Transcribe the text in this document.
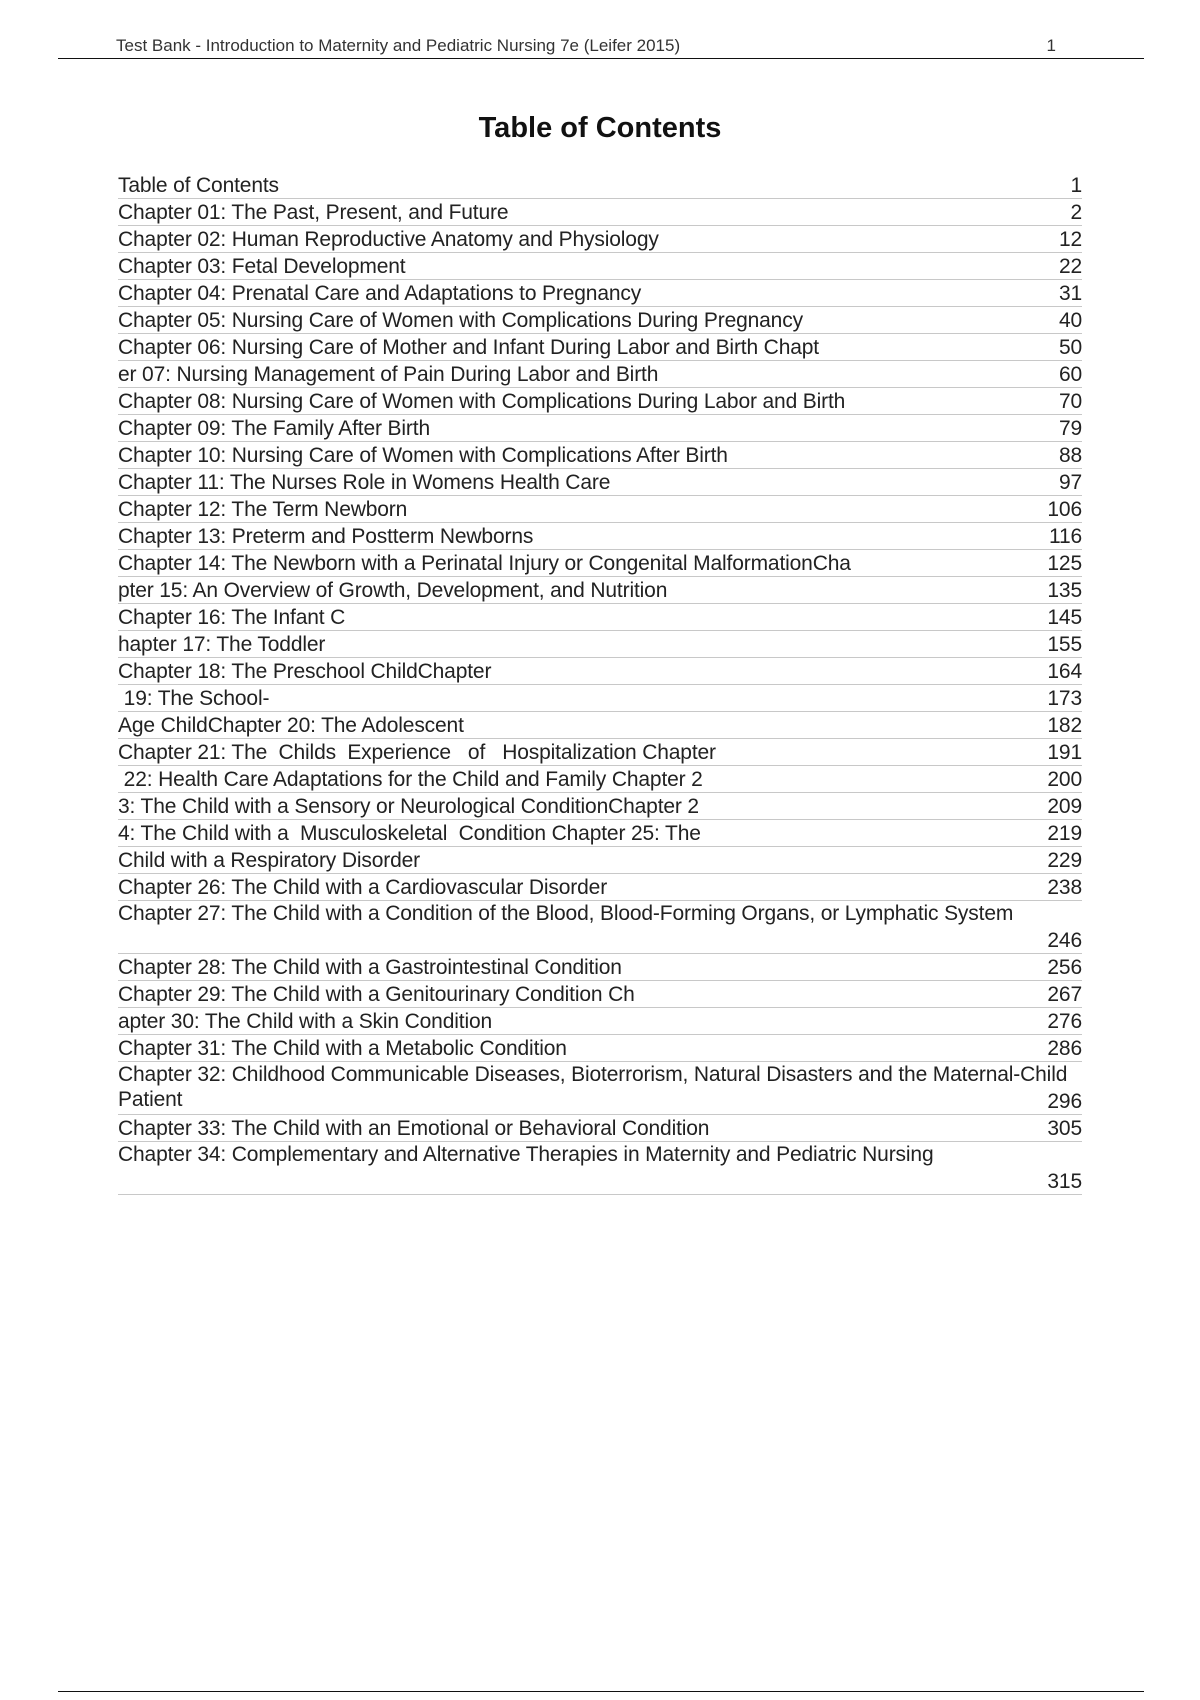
Test Bank - Introduction to Maternity and Pediatric Nursing 7e (Leifer 2015)	1
Table of Contents
Table of Contents	1
Chapter 01: The Past, Present, and Future	2
Chapter 02: Human Reproductive Anatomy and Physiology	12
Chapter 03: Fetal Development	22
Chapter 04: Prenatal Care and Adaptations to Pregnancy	31
Chapter 05: Nursing Care of Women with Complications During Pregnancy	40
Chapter 06: Nursing Care of Mother and Infant During Labor and Birth Chapt	50
er 07: Nursing Management of Pain During Labor and Birth	60
Chapter 08: Nursing Care of Women with Complications During Labor and Birth	70
Chapter 09: The Family After Birth	79
Chapter 10: Nursing Care of Women with Complications After Birth	88
Chapter 11: The Nurses Role in Womens Health Care	97
Chapter 12: The Term Newborn	106
Chapter 13: Preterm and Postterm Newborns	116
Chapter 14: The Newborn with a Perinatal Injury or Congenital MalformationCha	125
pter 15: An Overview of Growth, Development, and Nutrition	135
Chapter 16: The Infant C	145
hapter 17: The Toddler	155
Chapter 18: The Preschool ChildChapter	164
19: The School-	173
Age ChildChapter 20: The Adolescent	182
Chapter 21: The  Childs  Experience   of   Hospitalization Chapter	191
22: Health Care Adaptations for the Child and Family Chapter 2	200
3: The Child with a Sensory or Neurological ConditionChapter 2	209
4: The Child with a  Musculoskeletal  Condition Chapter 25: The	219
Child with a Respiratory Disorder	229
Chapter 26: The Child with a Cardiovascular Disorder	238
Chapter 27: The Child with a Condition of the Blood, Blood-Forming Organs, or Lymphatic System
246
Chapter 28: The Child with a Gastrointestinal Condition	256
Chapter 29: The Child with a Genitourinary Condition Ch	267
apter 30: The Child with a Skin Condition	276
Chapter 31: The Child with a Metabolic Condition	286
Chapter 32: Childhood Communicable Diseases, Bioterrorism, Natural Disasters and the Maternal-Child Patient	296
Chapter 33: The Child with an Emotional or Behavioral Condition	305
Chapter 34: Complementary and Alternative Therapies in Maternity and Pediatric Nursing
315
